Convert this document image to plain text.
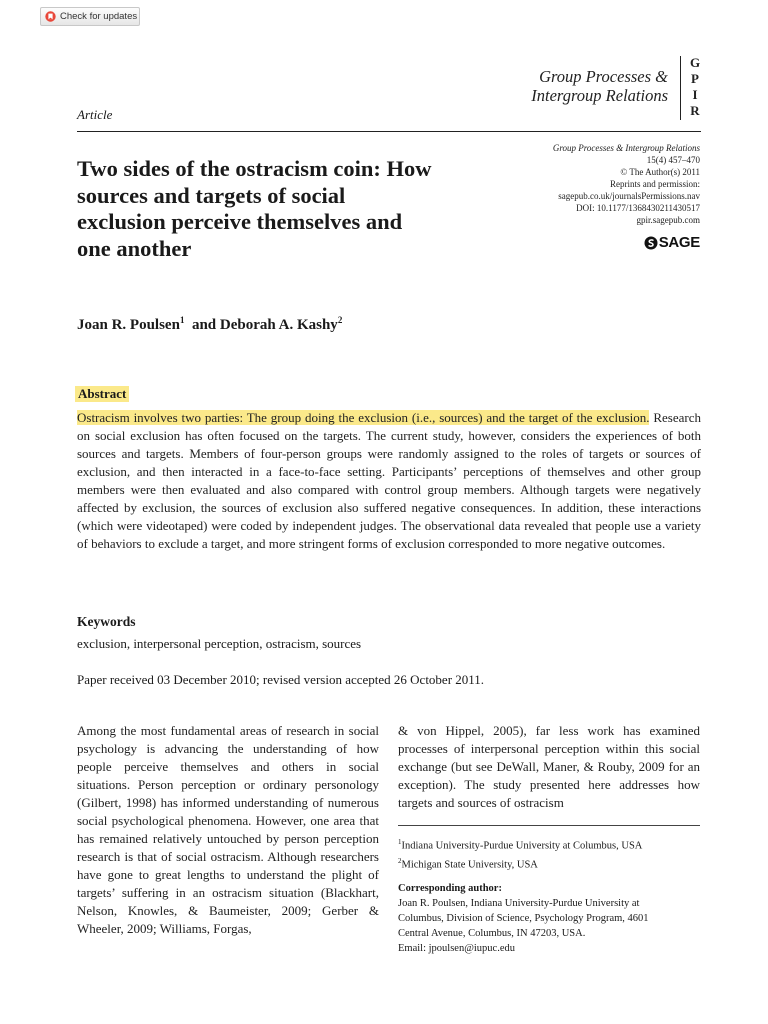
Check for updates
Group Processes &
Intergroup Relations
G
P
I
R
Article
Group Processes & Intergroup Relations
15(4) 457–470
© The Author(s) 2011
Reprints and permission:
sagepub.co.uk/journalsPermissions.nav
DOI: 10.1177/1368430211430517
gpir.sagepub.com
SAGE
Two sides of the ostracism coin: How sources and targets of social exclusion perceive themselves and one another
Joan R. Poulsen$^1$ and Deborah A. Kashy$^2$
Abstract
Ostracism involves two parties: The group doing the exclusion (i.e., sources) and the target of the exclusion. Research on social exclusion has often focused on the targets. The current study, however, considers the experiences of both sources and targets. Members of four-person groups were randomly assigned to the roles of targets or sources of exclusion, and then interacted in a face-to-face setting. Participants’ perceptions of themselves and other group members were then evaluated and also compared with control group members. Although targets were negatively affected by exclusion, the sources of exclusion also suffered negative consequences. In addition, these interactions (which were videotaped) were coded by independent judges. The observational data revealed that people use a variety of behaviors to exclude a target, and more stringent forms of exclusion corresponded to more negative outcomes.
Keywords
exclusion, interpersonal perception, ostracism, sources
Paper received 03 December 2010; revised version accepted 26 October 2011.
Among the most fundamental areas of research in social psychology is advancing the understanding of how people perceive themselves and others in social situations. Person perception or ordinary personology (Gilbert, 1998) has informed understanding of numerous social psychological phenomena. However, one area that has remained relatively untouched by person perception research is that of social ostracism. Although researchers have gone to great lengths to understand the plight of targets’ suffering in an ostracism situation (Blackhart, Nelson, Knowles, & Baumeister, 2009; Gerber & Wheeler, 2009; Williams, Forgas,
& von Hippel, 2005), far less work has examined processes of interpersonal perception within this social exchange (but see DeWall, Maner, & Rouby, 2009 for an exception). The study presented here addresses how targets and sources of ostracism
$^1$Indiana University-Purdue University at Columbus, USA
$^2$Michigan State University, USA
Corresponding author:
Joan R. Poulsen, Indiana University-Purdue University at
Columbus, Division of Science, Psychology Program, 4601
Central Avenue, Columbus, IN 47203, USA.
Email: jpoulsen@iupuc.edu
